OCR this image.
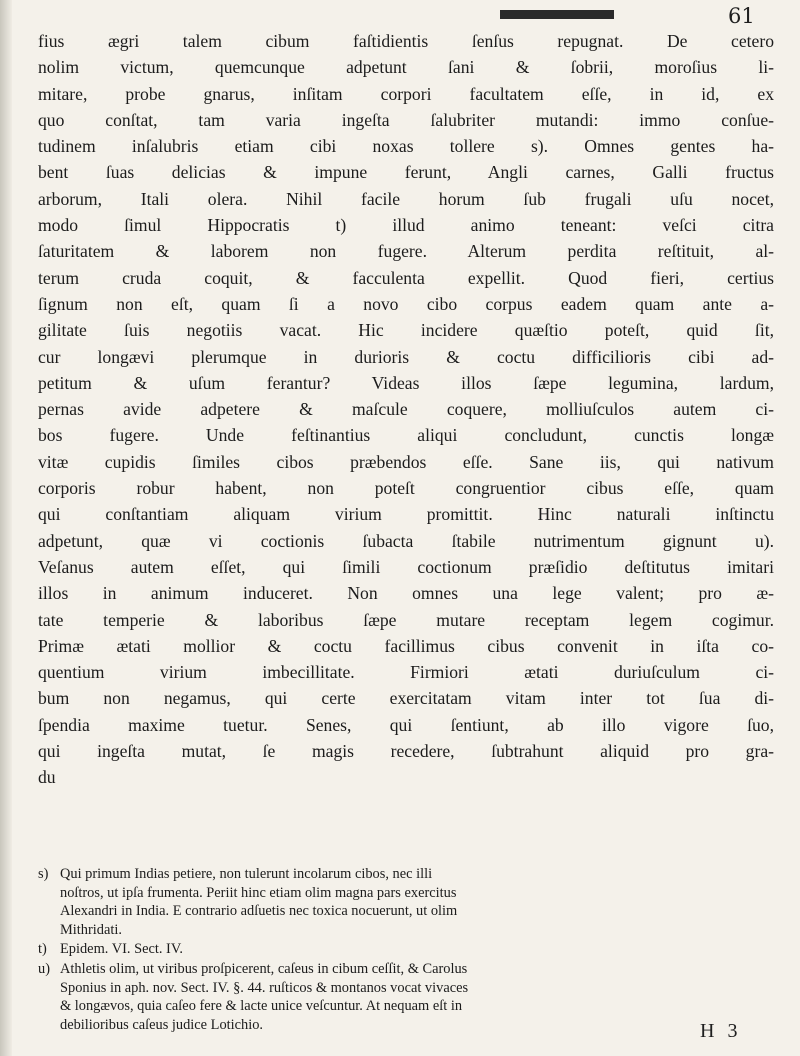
61

fius ægri talem cibum faſtidientis ſenſus repugnat. De cetero
nolim victum, quemcunque adpetunt ſani & ſobrii, moroſius li-
mitare, probe gnarus, inſitam corpori facultatem eſſe, in id, ex
quo conſtat, tam varia ingeſta ſalubriter mutandi: immo conſue-
tudinem inſalubris etiam cibi noxas tollere s). Omnes gentes ha-
bent ſuas delicias & impune ferunt, Angli carnes, Galli fructus
arborum, Itali olera. Nihil facile horum ſub frugali uſu nocet,
modo ſimul Hippocratis t) illud animo teneant: veſci citra
ſaturitatem & laborem non fugere. Alterum perdita reſtituit, al-
terum cruda coquit, & facculenta expellit. Quod fieri, certius
ſignum non eſt, quam ſi a novo cibo corpus eadem quam ante a-
gilitate ſuis negotiis vacat. Hic incidere quæſtio poteſt, quid ſit,
cur longævi plerumque in durioris & coctu difficilioris cibi ad-
petitum & uſum ferantur? Videas illos ſæpe legumina, lardum,
pernas avide adpetere & maſcule coquere, molliuſculos autem ci-
bos fugere. Unde feſtinantius aliqui concludunt, cunctis longæ
vitæ cupidis ſimiles cibos præbendos eſſe. Sane iis, qui nativum
corporis robur habent, non poteſt congruentior cibus eſſe, quam
qui conſtantiam aliquam virium promittit. Hinc naturali inſtinctu
adpetunt, quæ vi coctionis ſubacta ſtabile nutrimentum gignunt u).
Veſanus autem eſſet, qui ſimili coctionum præſidio deſtitutus imitari
illos in animum induceret. Non omnes una lege valent; pro æ-
tate temperie & laboribus ſæpe mutare receptam legem cogimur.
Primæ ætati mollior & coctu facillimus cibus convenit in iſta co-
quentium virium imbecillitate. Firmiori ætati duriuſculum ci-
bum non negamus, qui certe exercitatam vitam inter tot ſua di-
ſpendia maxime tuetur. Senes, qui ſentiunt, ab illo vigore ſuo,
qui ingeſta mutat, ſe magis recedere, ſubtrahunt aliquid pro gra-
du

s) Qui primum Indias petiere, non tulerunt incolarum cibos, nec illi
noſtros, ut ipſa frumenta. Periit hinc etiam olim magna pars exercitus
Alexandri in India. E contrario adſuetis nec toxica nocuerunt, ut olim
Mithridati.
t) Epidem. VI. Sect. IV.
u) Athletis olim, ut viribus proſpicerent, caſeus in cibum ceſſit, & Carolus
Sponius in aph. nov. Sect. IV. §. 44. ruſticos & montanos vocat vivaces
& longævos, quia caſeo fere & lacte unice veſcuntur. At nequam eſt in
debilioribus caſeus judice Lotichio.	H 3
